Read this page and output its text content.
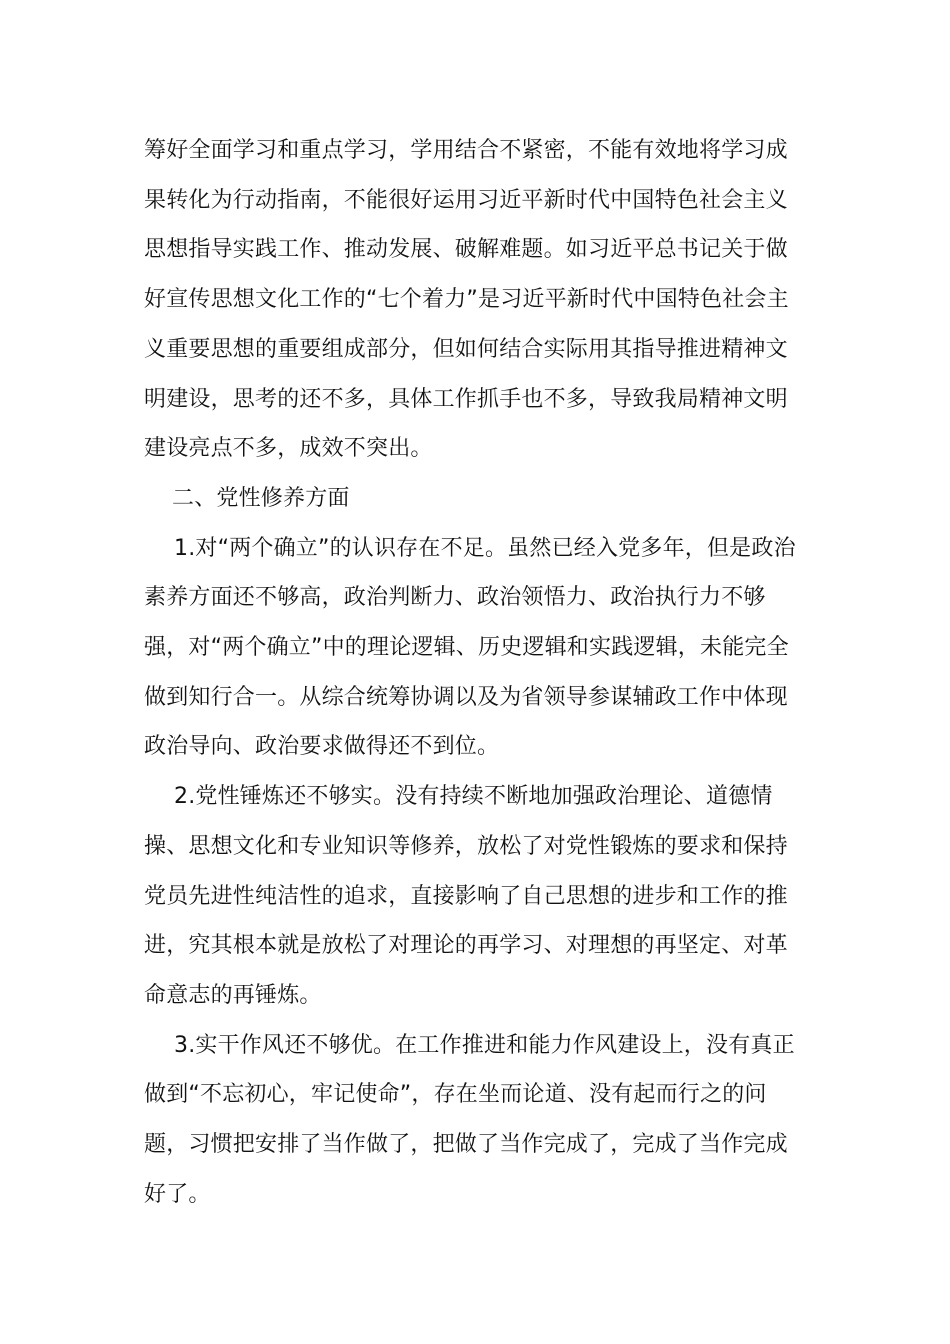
筹好全面学习和重点学习，学用结合不紧密，不能有效地将学习成果转化为行动指南，不能很好运用习近平新时代中国特色社会主义思想指导实践工作、推动发展、破解难题。如习近平总书记关于做好宣传思想文化工作的“七个着力”是习近平新时代中国特色社会主义重要思想的重要组成部分，但如何结合实际用其指导推进精神文明建设，思考的还不多，具体工作抓手也不多，导致我局精神文明建设亮点不多，成效不突出。

二、党性修养方面

1.对“两个确立”的认识存在不足。虽然已经入党多年，但是政治素养方面还不够高，政治判断力、政治领悟力、政治执行力不够强，对“两个确立”中的理论逻辑、历史逻辑和实践逻辑，未能完全做到知行合一。从综合统筹协调以及为省领导参谋辅政工作中体现政治导向、政治要求做得还不到位。

2.党性锤炼还不够实。没有持续不断地加强政治理论、道德情操、思想文化和专业知识等修养，放松了对党性锻炼的要求和保持党员先进性纯洁性的追求，直接影响了自己思想的进步和工作的推进，究其根本就是放松了对理论的再学习、对理想的再坚定、对革命意志的再锤炼。

3.实干作风还不够优。在工作推进和能力作风建设上，没有真正做到“不忘初心，牢记使命”，存在坐而论道、没有起而行之的问题，习惯把安排了当作做了，把做了当作完成了，完成了当作完成好了。
